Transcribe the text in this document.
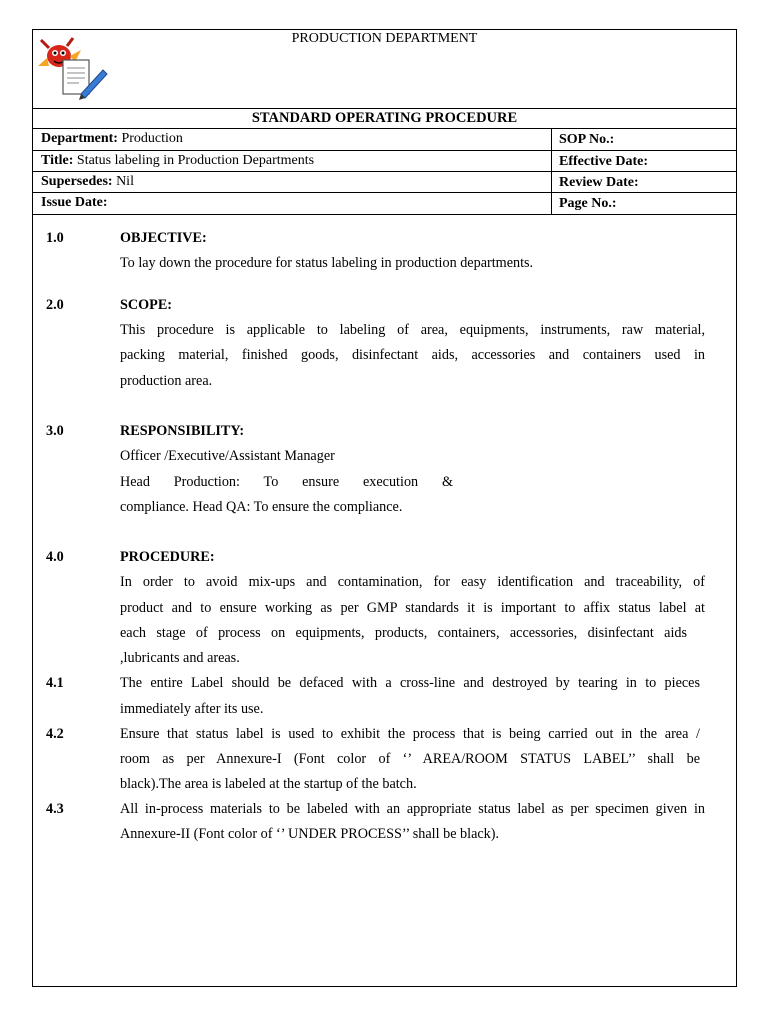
PRODUCTION DEPARTMENT
STANDARD OPERATING PROCEDURE
Department: Production	SOP No.:
Title: Status labeling in Production Departments	Effective Date:
Supersedes: Nil	Review Date:
Issue Date:	Page No.:
1.0	OBJECTIVE:
To lay down the procedure for status labeling in production departments.
2.0	SCOPE:
This procedure is applicable to labeling of area, equipments, instruments, raw material,
packing material, finished goods, disinfectant aids, accessories and containers used in
production area.
3.0	RESPONSIBILITY:
Officer /Executive/Assistant Manager
Head Production: To ensure execution &
compliance. Head QA: To ensure the compliance.
4.0	PROCEDURE:
In order to avoid mix-ups and contamination, for easy identification and traceability, of
product and to ensure working as per GMP standards it is important to affix status label at
each stage of process on equipments, products, containers, accessories, disinfectant aids
,lubricants and areas.
4.1	The entire Label should be defaced with a cross-line and destroyed by tearing in to pieces
immediately after its use.
4.2	Ensure that status label is used to exhibit the process that is being carried out in the area /
room as per Annexure-I (Font color of ‘’ AREA/ROOM STATUS LABEL’’ shall be
black).The area is labeled at the startup of the batch.
4.3	All in-process materials to be labeled with an appropriate status label as per specimen given in
Annexure-II (Font color of ‘’ UNDER PROCESS’’ shall be black).
